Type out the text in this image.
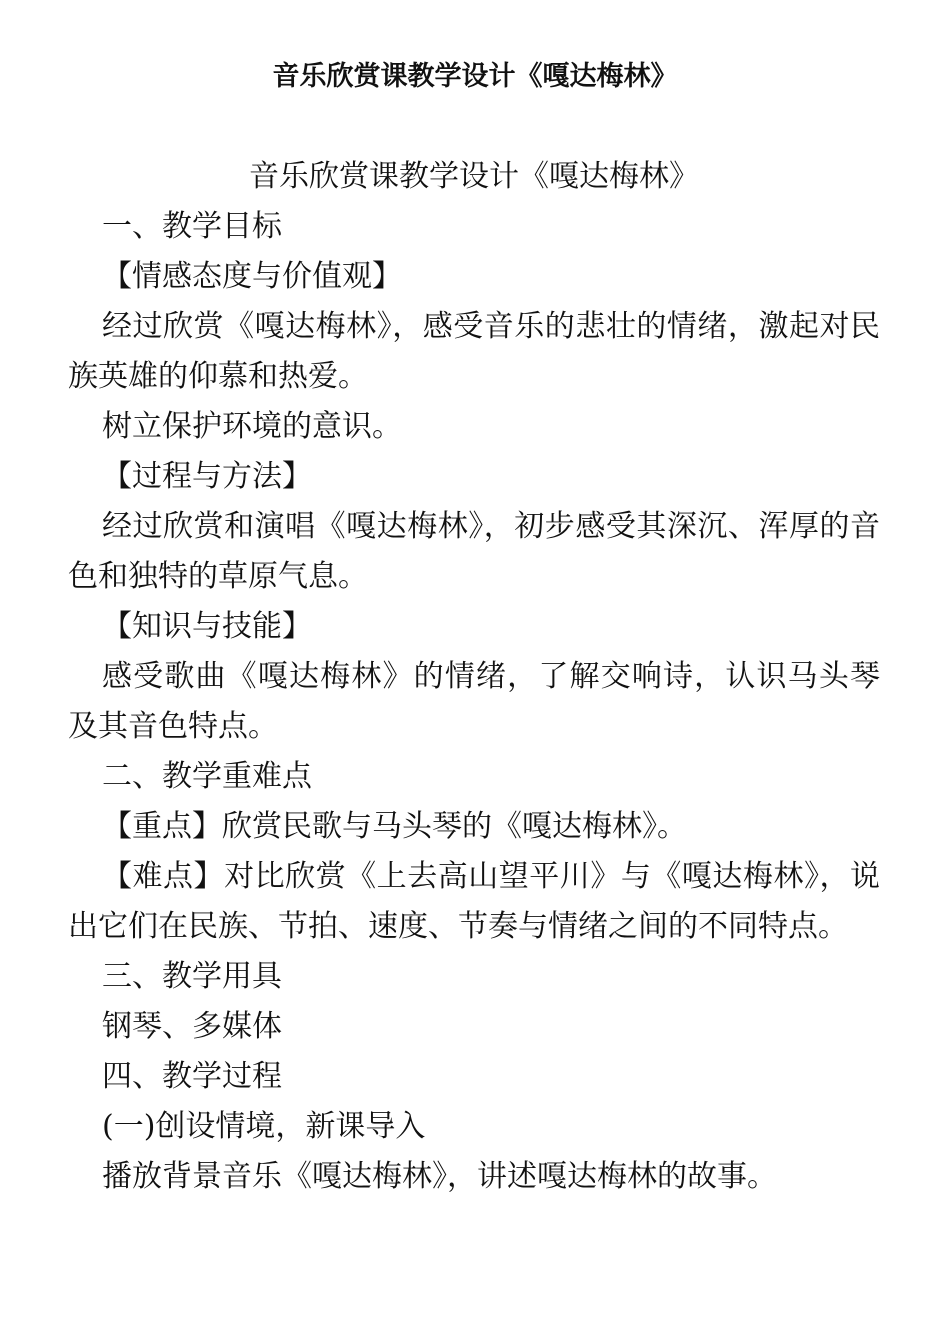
音乐欣赏课教学设计《嘎达梅林》

音乐欣赏课教学设计《嘎达梅林》

一、教学目标

【情感态度与价值观】

经过欣赏《嘎达梅林》，感受音乐的悲壮的情绪，激起对民族英雄的仰慕和热爱。

树立保护环境的意识。

【过程与方法】

经过欣赏和演唱《嘎达梅林》，初步感受其深沉、浑厚的音色和独特的草原气息。

【知识与技能】

感受歌曲《嘎达梅林》的情绪，了解交响诗，认识马头琴及其音色特点。

二、教学重难点

【重点】欣赏民歌与马头琴的《嘎达梅林》。

【难点】对比欣赏《上去高山望平川》与《嘎达梅林》，说出它们在民族、节拍、速度、节奏与情绪之间的不同特点。

三、教学用具

钢琴、多媒体

四、教学过程

(一)创设情境，新课导入

播放背景音乐《嘎达梅林》，讲述嘎达梅林的故事。
